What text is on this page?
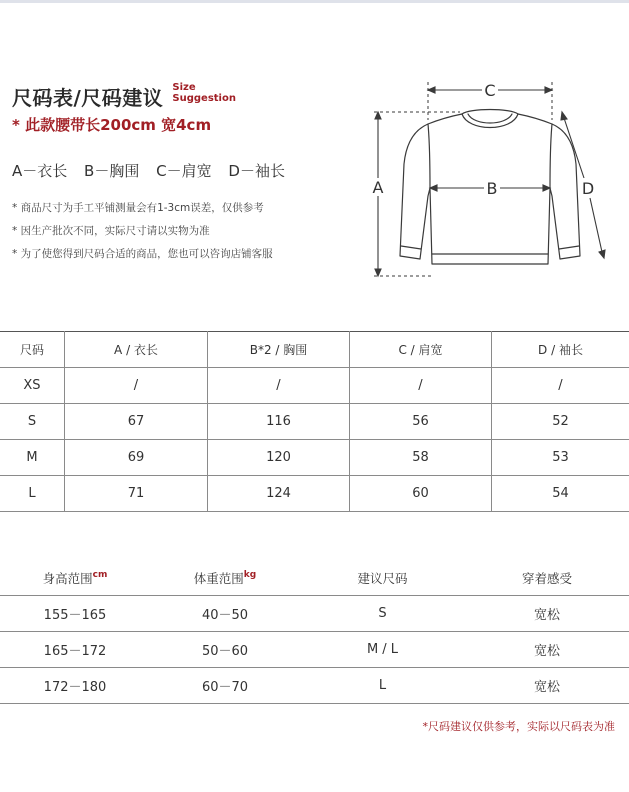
尺码表/尺码建议 Size
Suggestion
* 此款腰带长200cm 宽4cm
A－衣长 B－胸围 C－肩宽 D－袖长
* 商品尺寸为手工平铺测量会有1-3cm误差，仅供参考
* 因生产批次不同，实际尺寸请以实物为准
* 为了使您得到尺码合适的商品，您也可以咨询店铺客服
C
A	B	D
尺码	A / 衣长	B*2 / 胸围	C / 肩宽	D / 袖长
XS	/	/	/	/
S	67	116	56	52
M	69	120	58	53
L	71	124	60	54
身高范围$^{cm}$	体重范围$^{kg}$	建议尺码	穿着感受
155－165	40－50	S	宽松
165－172	50－60	M / L	宽松
172－180	60－70	L	宽松
*尺码建议仅供参考，实际以尺码表为准
